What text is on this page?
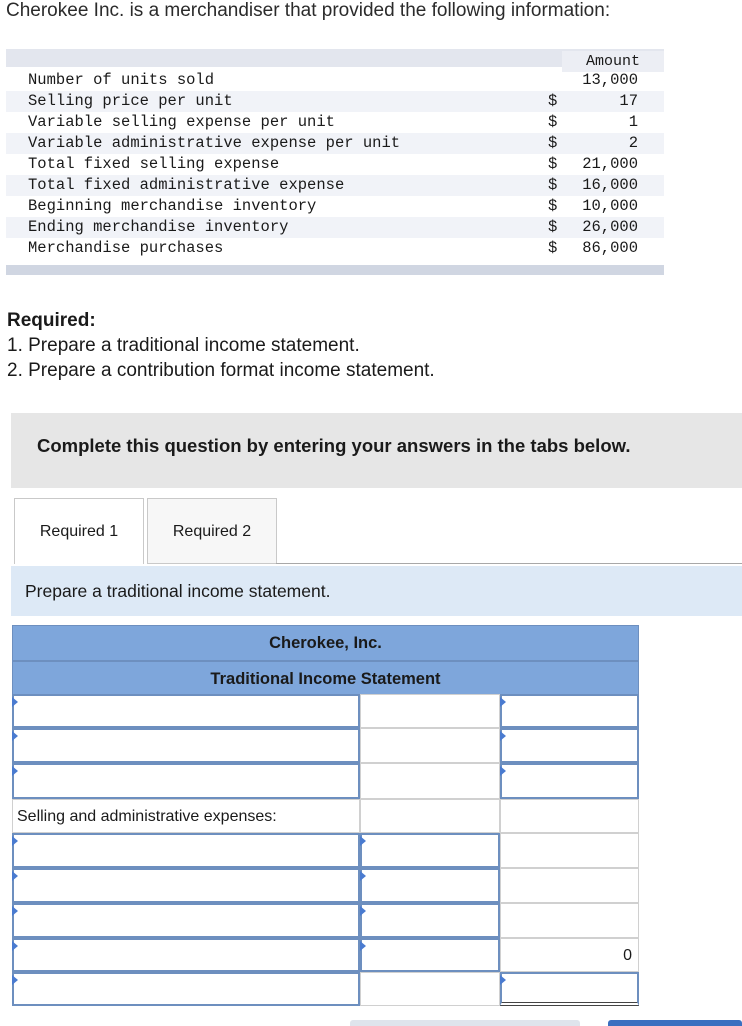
Cherokee Inc. is a merchandiser that provided the following information:
Amount
Number of units sold	13,000
Selling price per unit	$	17
Variable selling expense per unit	$	1
Variable administrative expense per unit	$	2
Total fixed selling expense	$ 21,000
Total fixed administrative expense	$ 16,000
Beginning merchandise inventory	$ 10,000
Ending merchandise inventory	$ 26,000
Merchandise purchases	$ 86,000
Required:
1. Prepare a traditional income statement.
2. Prepare a contribution format income statement.
Complete this question by entering your answers in the tabs below.
Required 1	Required 2
Prepare a traditional income statement.
Cherokee, Inc.
Traditional Income Statement
Selling and administrative expenses:
0
